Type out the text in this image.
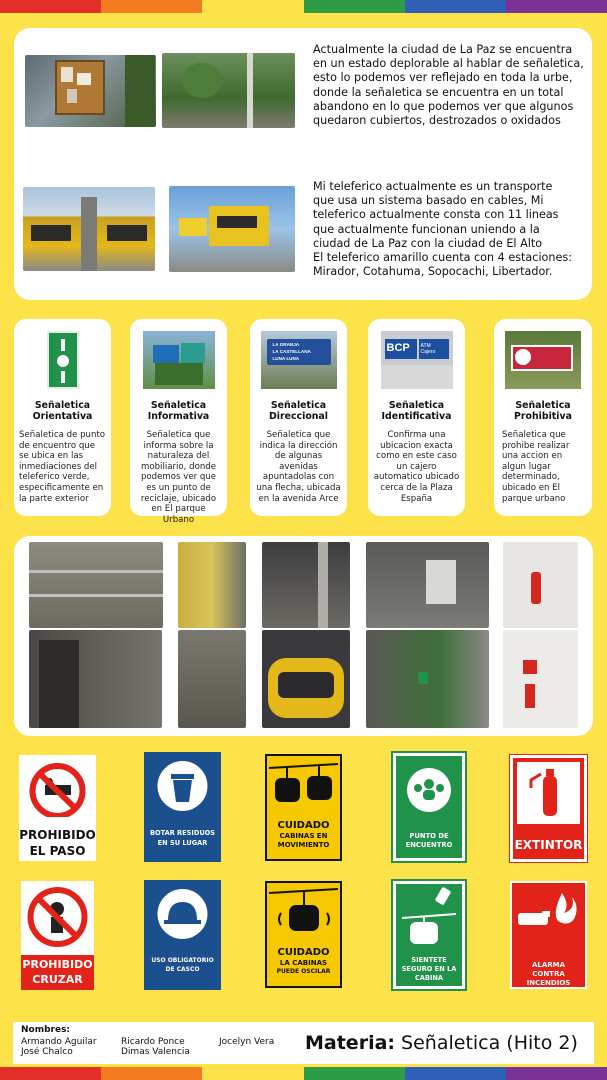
Actualmente la ciudad de La Paz se encuentra en un estado deplorable al hablar de señaletica, esto lo podemos ver reflejado en toda la urbe, donde la señaletica se encuentra en un total abandono en lo que podemos ver que algunos quedaron cubiertos, destrozados o oxidados
Mi teleferico actualmente es un transporte
que usa un sistema basado en cables, Mi
teleferico actualmente consta con 11 lineas
que actualmente funcionan uniendo a la
ciudad de La Paz con la ciudad de El Alto
El teleferico amarillo cuenta con 4 estaciones:
Mirador, Cotahuma, Sopocachi, Libertador.
Señaletica
Orientativa

Señaletica de punto de encuentro que se ubica en las inmediaciones del teleferico verde, especificamente en la parte exterior

Señaletica
Informativa

Señaletica que informa sobre la naturaleza del mobiliario, donde podemos ver que es un punto de reciclaje, ubicado en El parque Urbano

LA GRANJA
LA CASTELLANA
LUNA LUNA
Señaletica
Direccional

Señaletica que indica la dirección de algunas avenidas apuntadolas con una flecha, ubicada en la avenida Arce

BCP ATM Cajero
Señaletica
Identificativa

Confirma una ubicacion exacta como en este caso un cajero automatico ubicado cerca de la Plaza España

Señaletica
Prohibitiva

Señaletica que prohibe realizar una accion en algun lugar determinado, ubicado en El parque urbano

PROHIBIDO
EL PASO
BOTAR RESIDUOS
EN SU LUGAR
CUIDADO
CABINAS EN
MOVIMIENTO
PUNTO DE
ENCUENTRO	EXTINTOR
PROHIBIDO
CRUZAR
USO OBLIGATORIO
DE CASCO
CUIDADO
LA CABINAS
PUEDE OSCILAR
SIENTETE
SEGURO EN LA
CABINA
ALARMA
CONTRA
INCENDIOS
Nombres:
Armando Aguilar
José Chalco
Ricardo Ponce
Dimas Valencia
Jocelyn Vera Materia: Señaletica (Hito 2)
